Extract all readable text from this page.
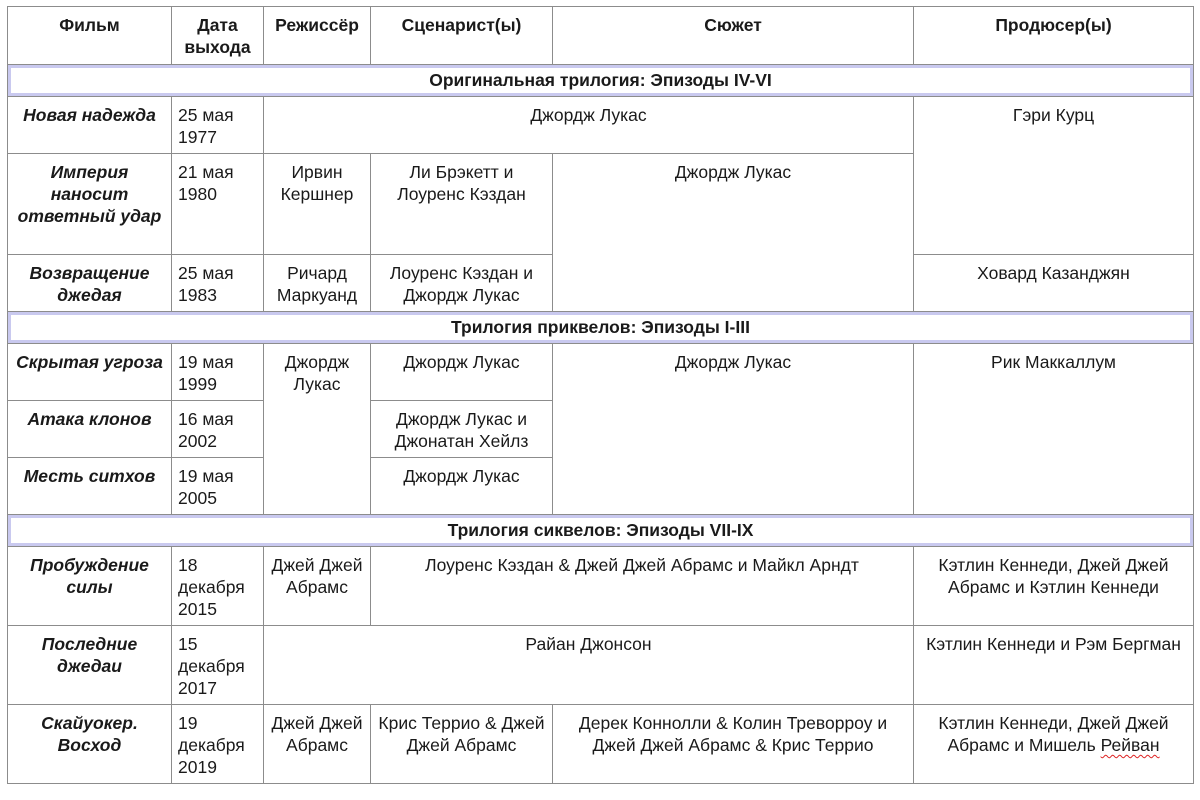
Фильм	Дата выхода	Режиссёр	Сценарист(ы)	Сюжет	Продюсер(ы)

Оригинальная трилогия: Эпизоды IV-VI					

Новая надежда	25 мая 1977	Джордж Лукас			Гэри Курц
Империя наносит ответный удар	21 мая 1980	Ирвин Кершнер	Ли Брэкетт и Лоуренс Кэздан	Джордж Лукас	
Возвращение джедая	25 мая 1983	Ричард Маркуанд	Лоуренс Кэздан и Джордж Лукас		Ховард Казанджян

Трилогия приквелов: Эпизоды I-III					

Скрытая угроза	19 мая 1999	Джордж Лукас	Джордж Лукас	Джордж Лукас	Рик Маккаллум
Атака клонов	16 мая 2002		Джордж Лукас и Джонатан Хейлз		
Месть ситхов	19 мая 2005		Джордж Лукас		

Трилогия сиквелов: Эпизоды VII-IX					

Пробуждение силы	18 декабря 2015	Джей Джей Абрамс	Лоуренс Кэздан & Джей Джей Абрамс и Майкл Арндт		Кэтлин Кеннеди, Джей Джей Абрамс и Кэтлин Кеннеди
Последние джедаи	15 декабря 2017	Райан Джонсон			Кэтлин Кеннеди и Рэм Бергман
Скайуокер. Восход	19 декабря 2019	Джей Джей Абрамс	Крис Террио & Джей Джей Абрамс	Дерек Коннолли & Колин Треворроу и Джей Джей Абрамс & Крис Террио	Кэтлин Кеннеди, Джей Джей Абрамс и Мишель Рейван
